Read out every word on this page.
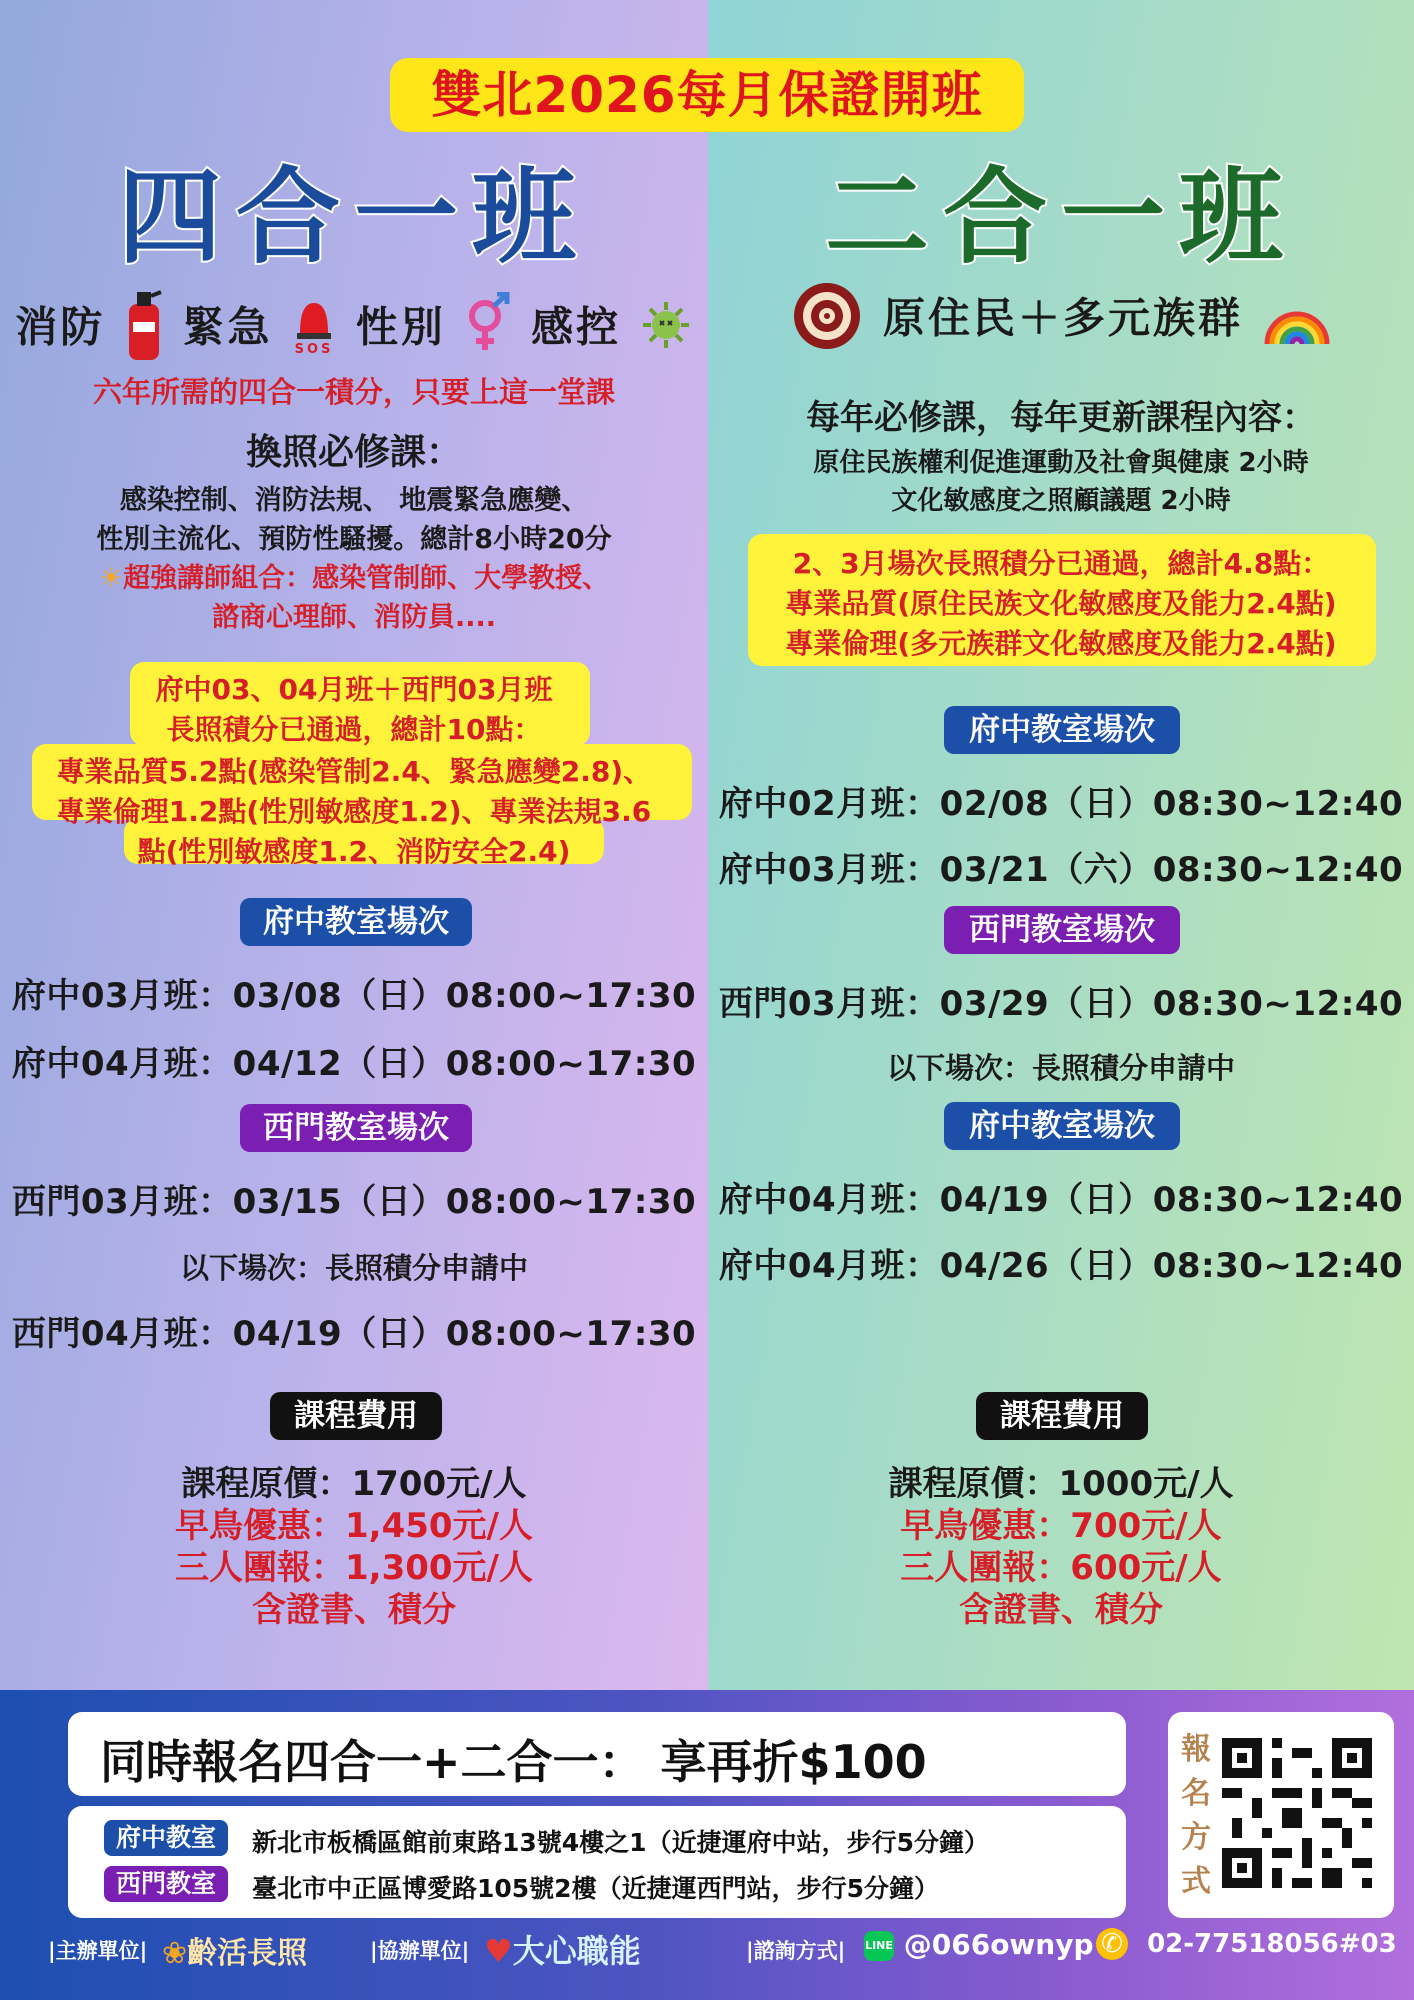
雙北2026每月保證開班
四合一班
消防 緊急 SOS 性別 感控
六年所需的四合一積分，只要上這一堂課
換照必修課：
感染控制、消防法規、 地震緊急應變、
性別主流化、預防性騷擾。總計8小時20分
☀超強講師組合：感染管制師、大學教授、
諮商心理師、消防員....
府中03、04月班＋西門03月班
長照積分已通過，總計10點：
專業品質5.2點(感染管制2.4、緊急應變2.8)、
專業倫理1.2點(性別敏感度1.2)、專業法規3.6
點(性別敏感度1.2、消防安全2.4)
府中教室場次
府中03月班：03/08（日）08:00~17:30
府中04月班：04/12（日）08:00~17:30
西門教室場次
西門03月班：03/15（日）08:00~17:30
以下場次：長照積分申請中
西門04月班：04/19（日）08:00~17:30
課程費用
課程原價：1700元/人
早鳥優惠：1,450元/人
三人團報：1,300元/人
含證書、積分
二合一班
原住民＋多元族群
每年必修課，每年更新課程內容：
原住民族權利促進運動及社會與健康 2小時
文化敏感度之照顧議題 2小時
2、3月場次長照積分已通過，總計4.8點：
專業品質(原住民族文化敏感度及能力2.4點)
專業倫理(多元族群文化敏感度及能力2.4點)
府中教室場次
府中02月班：02/08（日）08:30~12:40
府中03月班：03/21（六）08:30~12:40
西門教室場次
西門03月班：03/29（日）08:30~12:40
以下場次：長照積分申請中
府中教室場次
府中04月班：04/19（日）08:30~12:40
府中04月班：04/26（日）08:30~12:40
課程費用
課程原價：1000元/人
早鳥優惠：700元/人
三人團報：600元/人
含證書、積分
同時報名四合一+二合一： 享再折$100
府中教室	新北市板橋區館前東路13號4樓之1（近捷運府中站，步行5分鐘）
西門教室	臺北市中正區博愛路105號2樓（近捷運西門站，步行5分鐘）
報
名
方
式
|主辦單位| ❀齡活長照	|協辦單位| ♥大心職能	|諮詢方式| LINE @066ownyp ✆ 02-77518056#03
